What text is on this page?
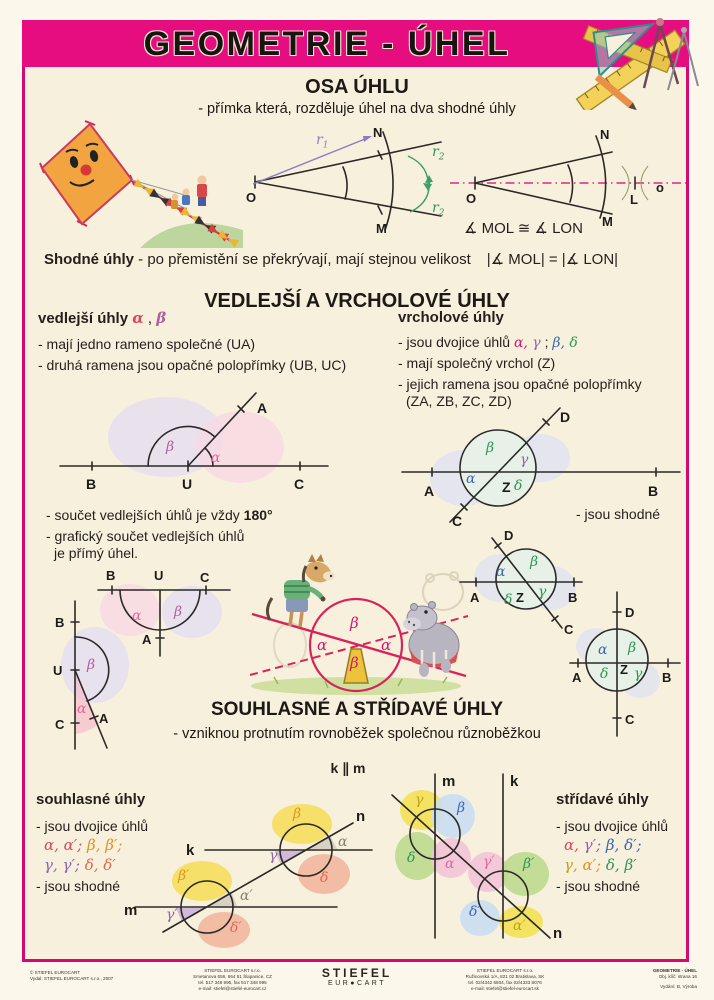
GEOMETRIE - ÚHEL
OSA ÚHLU
- přímka která, rozděluje úhel na dva shodné úhly
O
N
M
$r_1$	$r_2$
$r_2$
O
N
M
L
o
∡ MOL ≅ ∡ LON
Shodné úhly - po přemistění se překrývají, mají stejnou velikost |∡ MOL| = |∡ LON|
VEDLEJŠÍ A VRCHOLOVÉ ÚHLY
vedlejší úhly α , β
- mají jedno rameno společné (UA)
- druhá ramena jsou opačné polopřímky (UB, UC)
vrcholové úhly
- jsou dvojice úhlů α, γ ; β, δ
- mají společný vrchol (Z)
- jejich ramena jsou opačné polopřímky
(ZA, ZB, ZC, ZD)
B	U	C
A
β
α
A	B
C
D
Z
β
γ
α	δ
- jsou shodné
- součet vedlejších úhlů je vždy 180°
- grafický součet vedlejších úhlů
je přímý úhel.
B	U	C
A
α β
B
U
C	A
β
α
β
α	α
β
A	B
D
C
Z
α
β
δ γ
D
C
A	B
Z
α β
δ γ
SOUHLASNÉ A STŘÍDAVÉ ÚHLY
- vzniknou protnutím rovnoběžek společnou různoběžkou
k ∥ m
souhlasné úhly
- jsou dvojice úhlů
α, α′; β, β′;
γ, γ′; δ, δ′
- jsou shodné
k
m
n
β
α
γ
δ
β′
α′
γ′
δ′
m	k
n
γ β
δ α γ′ β′
δ′
α′
střídavé úhly
- jsou dvojice úhlů
α, γ′; β, δ′;
γ, α′; δ, β′
- jsou shodné
© STIEFEL EUROCART
Vydal: STIEFEL EUROCART s.r.o., 2007
STIEFEL EUROCART s.r.o.
Smetanova 656, 664 51 Šlapanice, CZ
tel. 517 348 995, fax 517 348 995
e-mail: stiefel@stiefel-eurocart.cz
STIEFEL
EUR●CART
STIEFEL EUROCART s.r.o.
Ružinovská 1/A, 821 02 Bratislava, SK
tel. 02/4342 6804, fax 02/4333 8076
e-mail: stiefel@stiefel-eurocart.sk
GEOMETRIE - ÚHEL
Obj. klíč: strana 16
Vydání: B, Výroba
